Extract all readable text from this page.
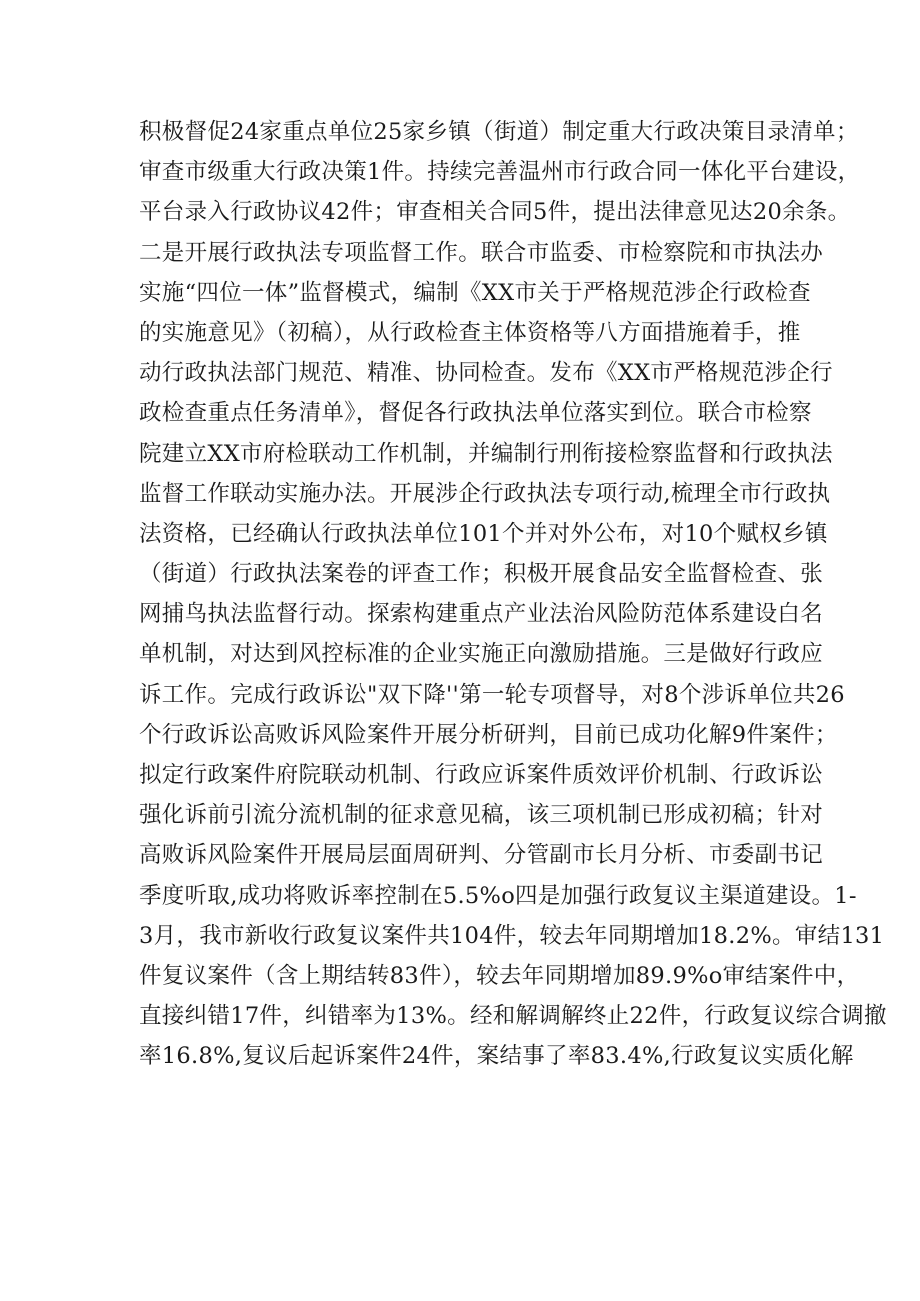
积极督促24家重点单位25家乡镇（街道）制定重大行政决策目录清单；
审查市级重大行政决策1件。持续完善温州市行政合同一体化平台建设，
平台录入行政协议42件；审查相关合同5件，提出法律意见达20余条。
二是开展行政执法专项监督工作。联合市监委、市检察院和市执法办
实施“四位一体”监督模式，编制《XX市关于严格规范涉企行政检查
的实施意见》（初稿），从行政检查主体资格等八方面措施着手，推
动行政执法部门规范、精准、协同检查。发布《XX市严格规范涉企行
政检查重点任务清单》，督促各行政执法单位落实到位。联合市检察
院建立XX市府检联动工作机制，并编制行刑衔接检察监督和行政执法
监督工作联动实施办法。开展涉企行政执法专项行动,梳理全市行政执
法资格，已经确认行政执法单位101个并对外公布，对10个赋权乡镇
（街道）行政执法案卷的评查工作；积极开展食品安全监督检查、张
网捕鸟执法监督行动。探索构建重点产业法治风险防范体系建设白名
单机制，对达到风控标准的企业实施正向激励措施。三是做好行政应
诉工作。完成行政诉讼"双下降''第一轮专项督导，对8个涉诉单位共26
个行政诉讼高败诉风险案件开展分析研判，目前已成功化解9件案件；
拟定行政案件府院联动机制、行政应诉案件质效评价机制、行政诉讼
强化诉前引流分流机制的征求意见稿，该三项机制已形成初稿；针对
高败诉风险案件开展局层面周研判、分管副市长月分析、市委副书记
季度听取,成功将败诉率控制在5.5%o四是加强行政复议主渠道建设。1-
3月，我市新收行政复议案件共104件，较去年同期增加18.2%。审结131
件复议案件（含上期结转83件），较去年同期增加89.9%o审结案件中，
直接纠错17件，纠错率为13%。经和解调解终止22件，行政复议综合调撤
率16.8%,复议后起诉案件24件，案结事了率83.4%,行政复议实质化解
